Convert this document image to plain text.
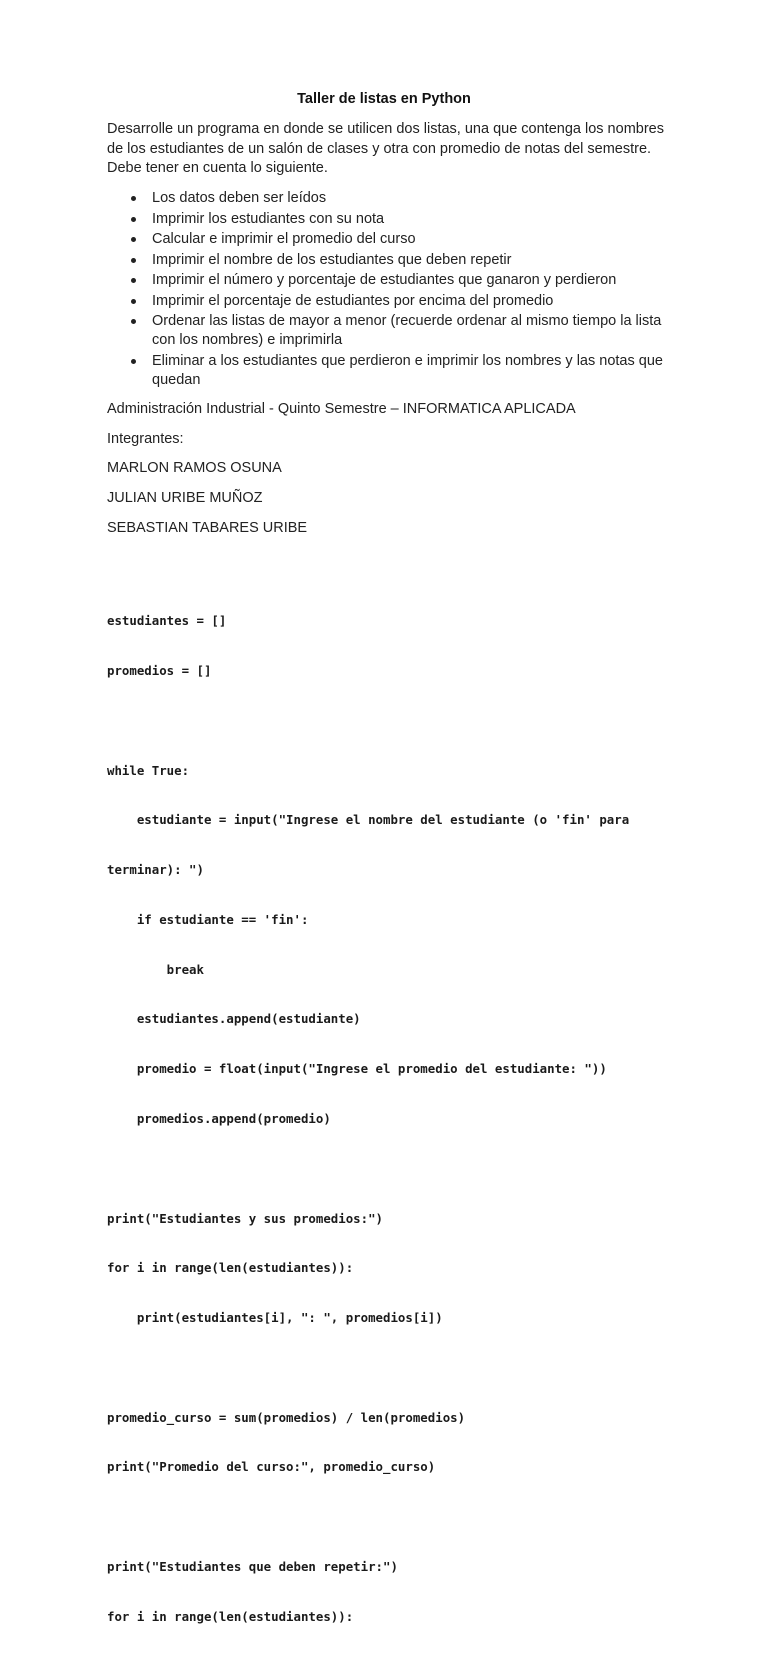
Taller de listas en Python

Desarrolle un programa en donde se utilicen dos listas, una que contenga los nombres de los estudiantes de un salón de clases y otra con promedio de notas del semestre. Debe tener en cuenta lo siguiente.

Los datos deben ser leídos
Imprimir los estudiantes con su nota
Calcular e imprimir el promedio del curso
Imprimir el nombre de los estudiantes que deben repetir
Imprimir el número y porcentaje de estudiantes que ganaron y perdieron
Imprimir el porcentaje de estudiantes por encima del promedio
Ordenar las listas de mayor a menor (recuerde ordenar al mismo tiempo la lista con los nombres) e imprimirla
Eliminar a los estudiantes que perdieron e imprimir los nombres y las notas que quedan

Administración Industrial - Quinto Semestre – INFORMATICA APLICADA

Integrantes:

MARLON RAMOS OSUNA

JULIAN URIBE MUÑOZ

SEBASTIAN TABARES URIBE

estudiantes = []

promedios = []

while True:

estudiante = input("Ingrese el nombre del estudiante (o 'fin' para

terminar): ")

if estudiante == 'fin':

break

estudiantes.append(estudiante)

promedio = float(input("Ingrese el promedio del estudiante: "))

promedios.append(promedio)

print("Estudiantes y sus promedios:")

for i in range(len(estudiantes)):

print(estudiantes[i], ": ", promedios[i])

promedio_curso = sum(promedios) / len(promedios)

print("Promedio del curso:", promedio_curso)

print("Estudiantes que deben repetir:")

for i in range(len(estudiantes)):
